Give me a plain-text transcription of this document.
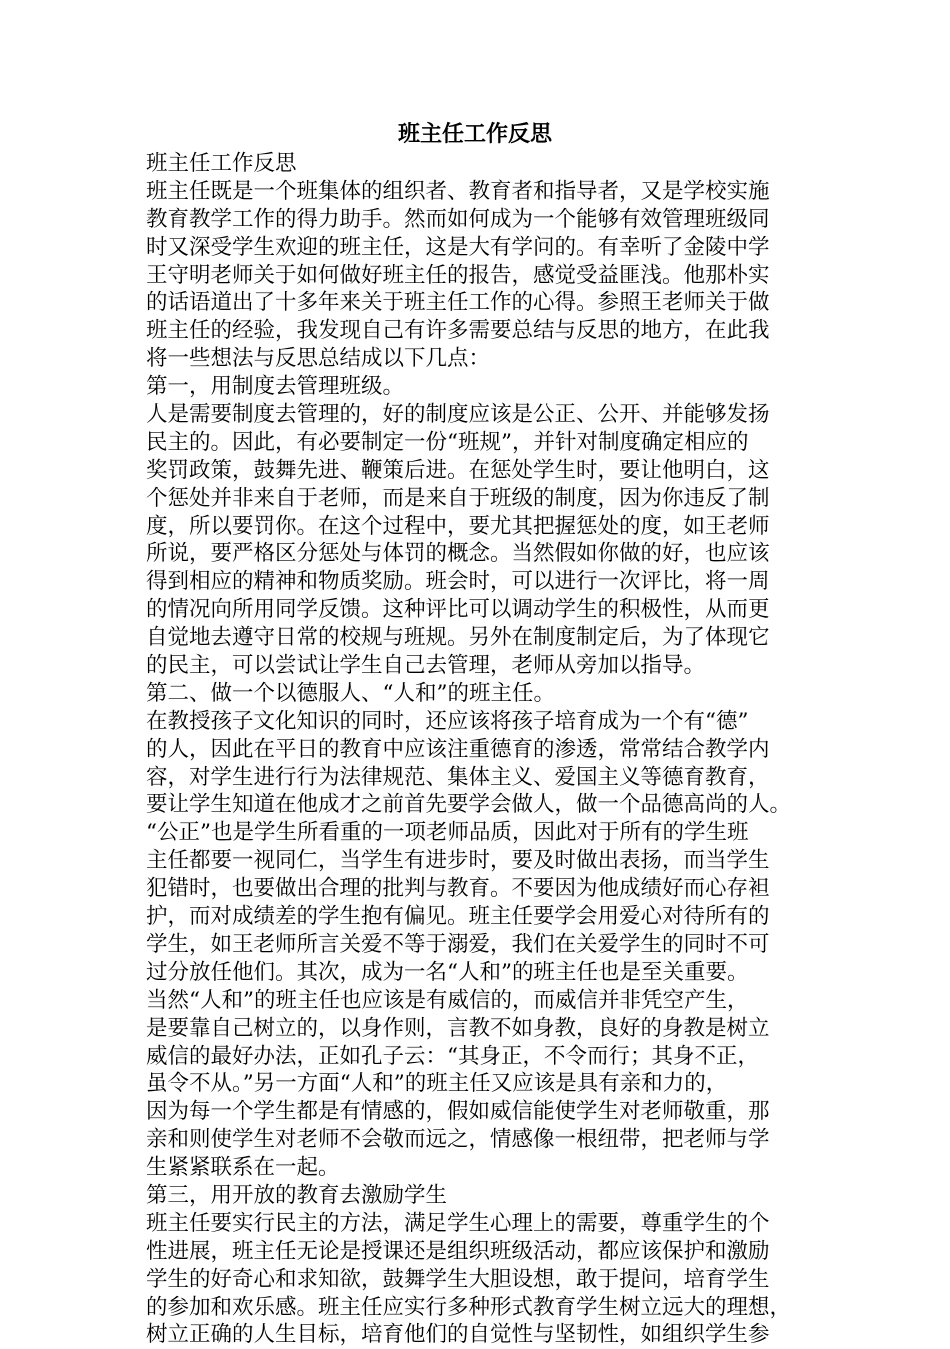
班主任工作反思
班主任工作反思
班主任既是一个班集体的组织者、教育者和指导者，又是学校实施
教育教学工作的得力助手。然而如何成为一个能够有效管理班级同
时又深受学生欢迎的班主任，这是大有学问的。有幸听了金陵中学
王守明老师关于如何做好班主任的报告，感觉受益匪浅。他那朴实
的话语道出了十多年来关于班主任工作的心得。参照王老师关于做
班主任的经验，我发现自己有许多需要总结与反思的地方，在此我
将一些想法与反思总结成以下几点：
第一，用制度去管理班级。
人是需要制度去管理的，好的制度应该是公正、公开、并能够发扬
民主的。因此，有必要制定一份“班规”，并针对制度确定相应的
奖罚政策，鼓舞先进、鞭策后进。在惩处学生时，要让他明白，这
个惩处并非来自于老师，而是来自于班级的制度，因为你违反了制
度，所以要罚你。在这个过程中，要尤其把握惩处的度，如王老师
所说，要严格区分惩处与体罚的概念。当然假如你做的好，也应该
得到相应的精神和物质奖励。班会时，可以进行一次评比，将一周
的情况向所用同学反馈。这种评比可以调动学生的积极性，从而更
自觉地去遵守日常的校规与班规。另外在制度制定后，为了体现它
的民主，可以尝试让学生自己去管理，老师从旁加以指导。
第二、做一个以德服人、“人和”的班主任。
在教授孩子文化知识的同时，还应该将孩子培育成为一个有“德”
的人，因此在平日的教育中应该注重德育的渗透，常常结合教学内
容，对学生进行行为法律规范、集体主义、爱国主义等德育教育，
要让学生知道在他成才之前首先要学会做人，做一个品德高尚的人。
“公正”也是学生所看重的一项老师品质，因此对于所有的学生班
主任都要一视同仁，当学生有进步时，要及时做出表扬，而当学生
犯错时，也要做出合理的批判与教育。不要因为他成绩好而心存袒
护，而对成绩差的学生抱有偏见。班主任要学会用爱心对待所有的
学生，如王老师所言关爱不等于溺爱，我们在关爱学生的同时不可
过分放任他们。其次，成为一名“人和”的班主任也是至关重要。
当然“人和”的班主任也应该是有威信的，而威信并非凭空产生，
是要靠自己树立的，以身作则，言教不如身教，良好的身教是树立
威信的最好办法，正如孔子云：“其身正，不令而行；其身不正，
虽令不从。”另一方面“人和”的班主任又应该是具有亲和力的，
因为每一个学生都是有情感的，假如威信能使学生对老师敬重，那
亲和则使学生对老师不会敬而远之，情感像一根纽带，把老师与学
生紧紧联系在一起。
第三，用开放的教育去激励学生
班主任要实行民主的方法，满足学生心理上的需要，尊重学生的个
性进展，班主任无论是授课还是组织班级活动，都应该保护和激励
学生的好奇心和求知欲，鼓舞学生大胆设想，敢于提问，培育学生
的参加和欢乐感。班主任应实行多种形式教育学生树立远大的理想，
树立正确的人生目标，培育他们的自觉性与坚韧性，如组织学生参
